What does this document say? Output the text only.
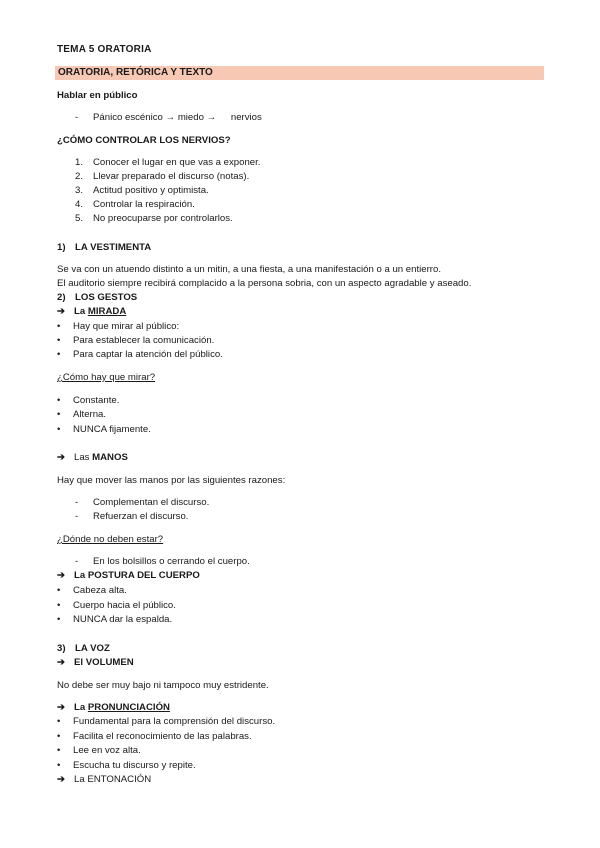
TEMA 5 ORATORIA
ORATORIA, RETÓRICA Y TEXTO
Hablar en público
- Pánico escénico → miedo → nervios
¿CÓMO CONTROLAR LOS NERVIOS?
1. Conocer el lugar en que vas a exponer.
2. Llevar preparado el discurso (notas).
3. Actitud positivo y optimista.
4. Controlar la respiración.
5. No preocuparse por controlarlos.
1) LA VESTIMENTA
Se va con un atuendo distinto a un mitin, a una fiesta, a una manifestación o a un entierro.
El auditorio siempre recibirá complacido a la persona sobria, con un aspecto agradable y aseado.
2) LOS GESTOS
➔ La MIRADA
• Hay que mirar al público:
• Para establecer la comunicación.
• Para captar la atención del público.
¿Cómo hay que mirar?
• Constante.
• Alterna.
• NUNCA fijamente.
➔ Las MANOS
Hay que mover las manos por las siguientes razones:
- Complementan el discurso.
- Refuerzan el discurso.
¿Dónde no deben estar?
- En los bolsillos o cerrando el cuerpo.
➔ La POSTURA DEL CUERPO
• Cabeza alta.
• Cuerpo hacia el público.
• NUNCA dar la espalda.
3) LA VOZ
➔ El VOLUMEN
No debe ser muy bajo ni tampoco muy estridente.
➔ La PRONUNCIACIÓN
• Fundamental para la comprensión del discurso.
• Facilita el reconocimiento de las palabras.
• Lee en voz alta.
• Escucha tu discurso y repite.
➔ La ENTONACIÓN
